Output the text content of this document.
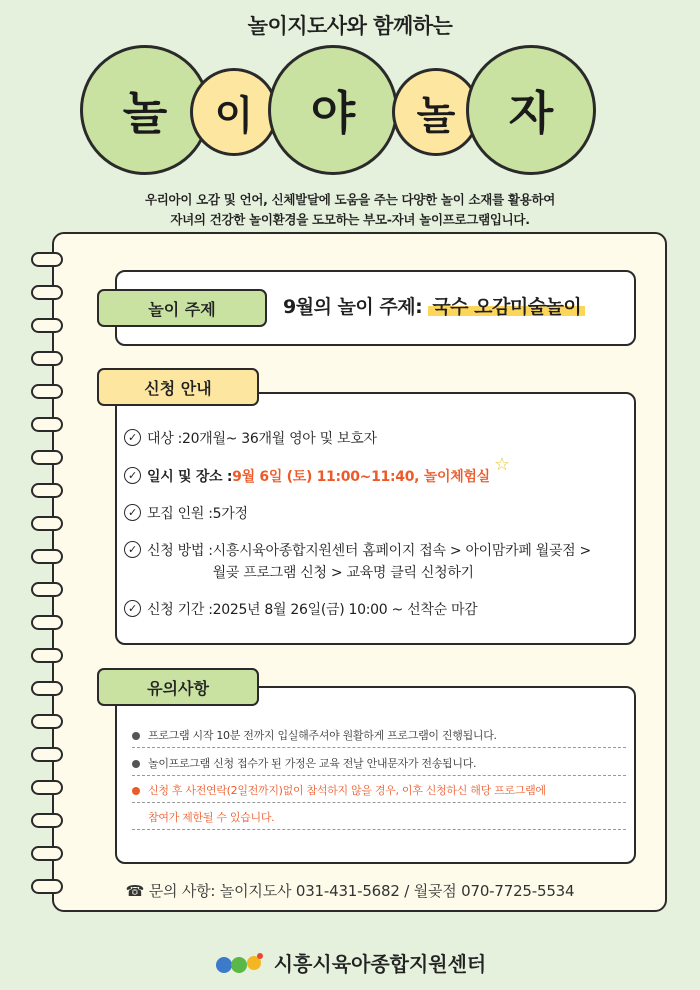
놀이지도사와 함께하는
놀	이	야	놀	자
우리아이 오감 및 언어, 신체발달에 도움을 주는 다양한 놀이 소재를 활용하여
자녀의 건강한 놀이환경을 도모하는 부모-자녀 놀이프로그램입니다.
놀이 주제	9월의 놀이 주제: 국수 오감미술놀이
신청 안내
✓ 대상 : 20개월~ 36개월 영아 및 보호자
✓ 일시 및 장소 : 9월 6일 (토) 11:00~11:40, 놀이체험실
☆
✓ 모집 인원 : 5가정
✓ 신청 방법 : 시흥시육아종합지원센터 홈페이지 접속 > 아이맘카페 월곶점 >
월곶 프로그램 신청 > 교육명 클릭 신청하기
✓ 신청 기간 : 2025년 8월 26일(금) 10:00 ~ 선착순 마감
유의사항
프로그램 시작 10분 전까지 입실해주셔야 원활하게 프로그램이 진행됩니다.
놀이프로그램 신청 접수가 된 가정은 교육 전날 안내문자가 전송됩니다.
신청 후 사전연락(2일전까지)없이 참석하지 않을 경우, 이후 신청하신 해당 프로그램에
참여가 제한될 수 있습니다.
☎ 문의 사항: 놀이지도사 031-431-5682 / 월곶점 070-7725-5534
시흥시육아종합지원센터
